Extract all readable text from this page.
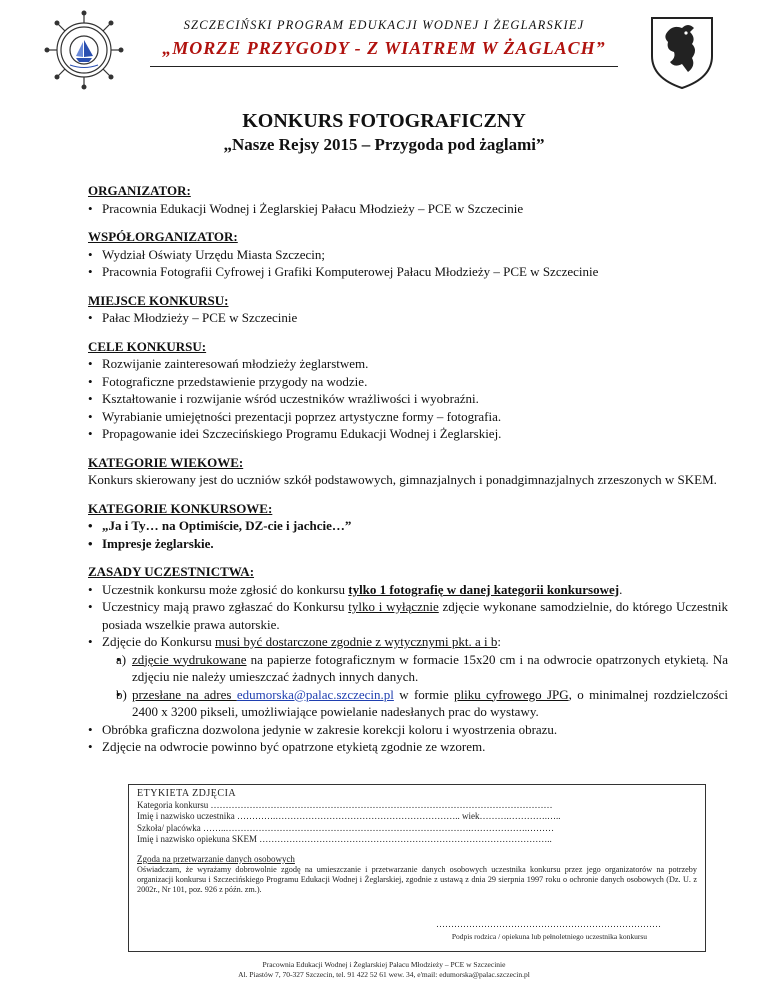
SZCZECIŃSKI PROGRAM EDUKACJI WODNEJ I ŻEGLARSKIEJ
„MORZE PRZYGODY - Z WIATREM W ŻAGLACH”
KONKURS FOTOGRAFICZNY
„Nasze Rejsy 2015 – Przygoda pod żaglami”
ORGANIZATOR:
• Pracownia Edukacji Wodnej i Żeglarskiej Pałacu Młodzieży – PCE w Szczecinie
WSPÓŁORGANIZATOR:
• Wydział Oświaty Urzędu Miasta Szczecin;
• Pracownia Fotografii Cyfrowej i Grafiki Komputerowej Pałacu Młodzieży – PCE w Szczecinie
MIEJSCE KONKURSU:
• Pałac Młodzieży – PCE w Szczecinie
CELE KONKURSU:
• Rozwijanie zainteresowań młodzieży żeglarstwem.
• Fotograficzne przedstawienie przygody na wodzie.
• Kształtowanie i rozwijanie wśród uczestników wrażliwości i wyobraźni.
• Wyrabianie umiejętności prezentacji poprzez artystyczne formy – fotografia.
• Propagowanie idei Szczecińskiego Programu Edukacji Wodnej i Żeglarskiej.
KATEGORIE WIEKOWE:
Konkurs skierowany jest do uczniów szkół podstawowych, gimnazjalnych i ponadgimnazjalnych zrzeszonych w SKEM.
KATEGORIE KONKURSOWE:
• „Ja i Ty… na Optimiście, DZ-cie i jachcie…”
• Impresje żeglarskie.
ZASADY UCZESTNICTWA:
• Uczestnik konkursu może zgłosić do konkursu tylko 1 fotografię w danej kategorii konkursowej.
• Uczestnicy mają prawo zgłaszać do Konkursu tylko i wyłącznie zdjęcie wykonane samodzielnie, do którego Uczestnik posiada wszelkie prawa autorskie.
• Zdjęcie do Konkursu musi być dostarczone zgodnie z wytycznymi pkt. a i b:
• a) zdjęcie wydrukowane na papierze fotograficznym w formacie 15x20 cm i na odwrocie opatrzonych etykietą. Na zdjęciu nie należy umieszczać żadnych innych danych.
• b) przesłane na adres edumorska@palac.szczecin.pl w formie pliku cyfrowego JPG, o minimalnej rozdzielczości 2400 x 3200 pikseli, umożliwiające powielanie nadesłanych prac do wystawy.
• Obróbka graficzna dozwolona jedynie w zakresie korekcji koloru i wyostrzenia obrazu.
• Zdjęcie na odwrocie powinno być opatrzone etykietą zgodnie ze wzorem.
ETYKIETA ZDJĘCIA
Kategoria konkursu ……………………………………………………………………………………………………
Imię i nazwisko uczestnika ………….…………………………………………………….. wiek……….………….…..
Szkoła/ placówka ……..……………………………………………………………………….……………….………
Imię i nazwisko opiekuna SKEM ……………………………………………………………………………………..
Zgoda na przetwarzanie danych osobowych
Oświadczam, że wyrażamy dobrowolnie zgodę na umieszczanie i przetwarzanie danych osobowych uczestnika konkursu przez jego organizatorów na potrzeby organizacji konkursu i Szczecińskiego Programu Edukacji Wodnej i Żeglarskiej, zgodnie z ustawą z dnia 29 sierpnia 1997 roku o ochronie danych osobowych (Dz. U. z 2002r., Nr 101, poz. 926 z późn. zm.).
…………………………………………………………………
Podpis rodzica / opiekuna lub pełnoletniego uczestnika konkursu
Pracownia Edukacji Wodnej i Żeglarskiej Pałacu Młodzieży – PCE w Szczecinie
Al. Piastów 7, 70-327 Szczecin, tel. 91 422 52 61 wew. 34, e'mail: edumorska@palac.szczecin.pl
